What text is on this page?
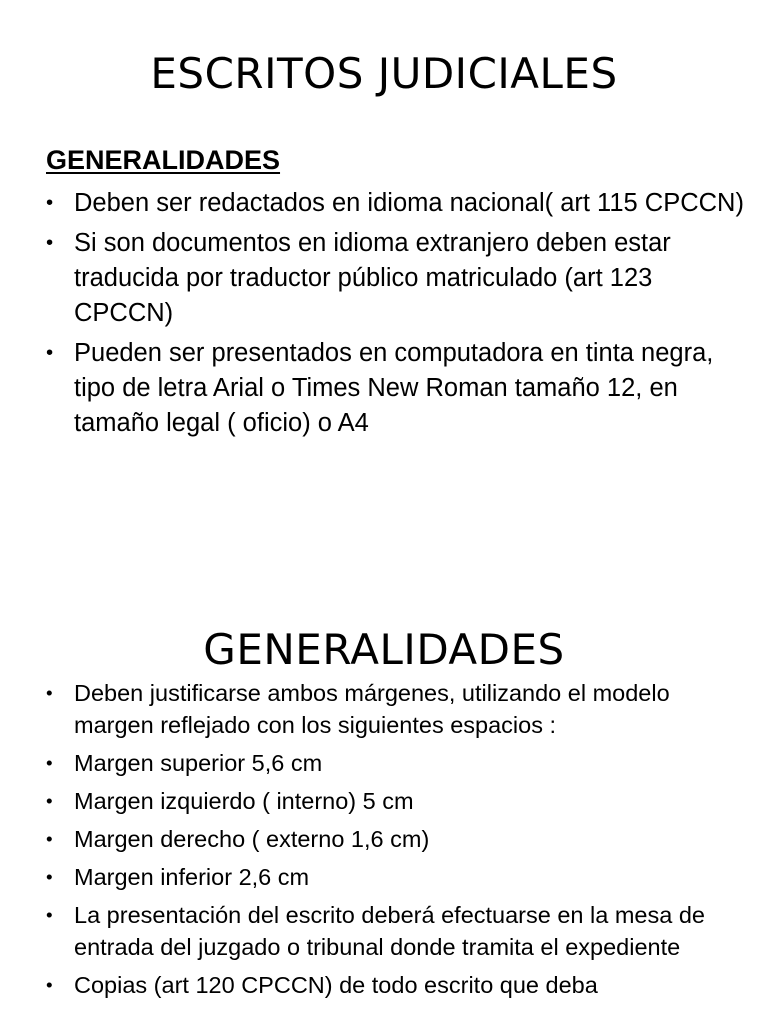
ESCRITOS JUDICIALES
GENERALIDADES
• Deben ser redactados en idioma nacional( art 115 CPCCN)
• Si son documentos en idioma extranjero deben estar traducida por traductor público matriculado (art 123 CPCCN)
• Pueden ser presentados en computadora en tinta negra, tipo de letra Arial o Times New Roman tamaño 12, en tamaño legal ( oficio) o A4
GENERALIDADES
• Deben justificarse ambos márgenes, utilizando el modelo margen reflejado con los siguientes espacios :
• Margen superior 5,6 cm
• Margen izquierdo ( interno) 5 cm
• Margen derecho ( externo 1,6 cm)
• Margen inferior 2,6 cm
• La presentación del escrito deberá efectuarse en la mesa de entrada del juzgado o tribunal donde tramita el expediente
• Copias (art 120 CPCCN) de todo escrito que deba
